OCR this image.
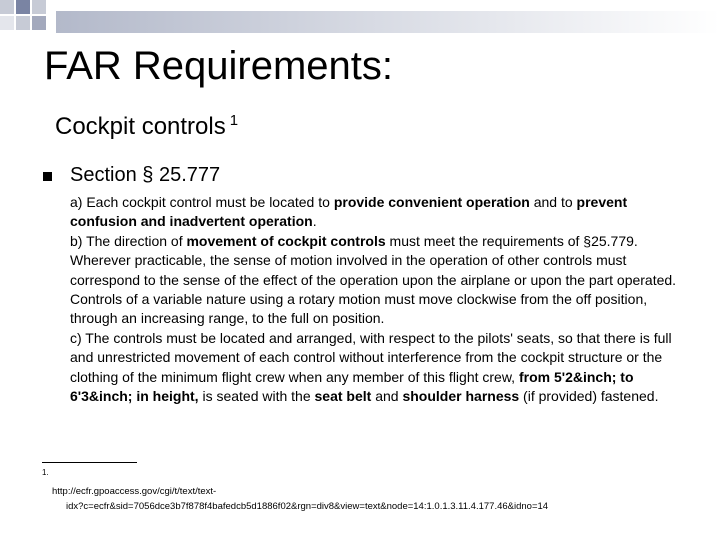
FAR Requirements:
Cockpit controls $^1$
Section § 25.777

a) Each cockpit control must be located to provide convenient operation and to prevent confusion and inadvertent operation.

b) The direction of movement of cockpit controls must meet the requirements of §25.779. Wherever practicable, the sense of motion involved in the operation of other controls must correspond to the sense of the effect of the operation upon the airplane or upon the part operated. Controls of a variable nature using a rotary motion must move clockwise from the off position, through an increasing range, to the full on position.

c) The controls must be located and arranged, with respect to the pilots' seats, so that there is full and unrestricted movement of each control without interference from the cockpit structure or the clothing of the minimum flight crew when any member of this flight crew, from 5'2&inch; to 6'3&inch; in height, is seated with the seat belt and shoulder harness (if provided) fastened.

$^{1.}$
http://ecfr.gpoaccess.gov/cgi/t/text/text-
idx?c=ecfr&sid=7056dce3b7f878f4bafedcb5d1886f02&rgn=div8&view=text&node=14:1.0.1.3.11.4.177.46&idno=14
